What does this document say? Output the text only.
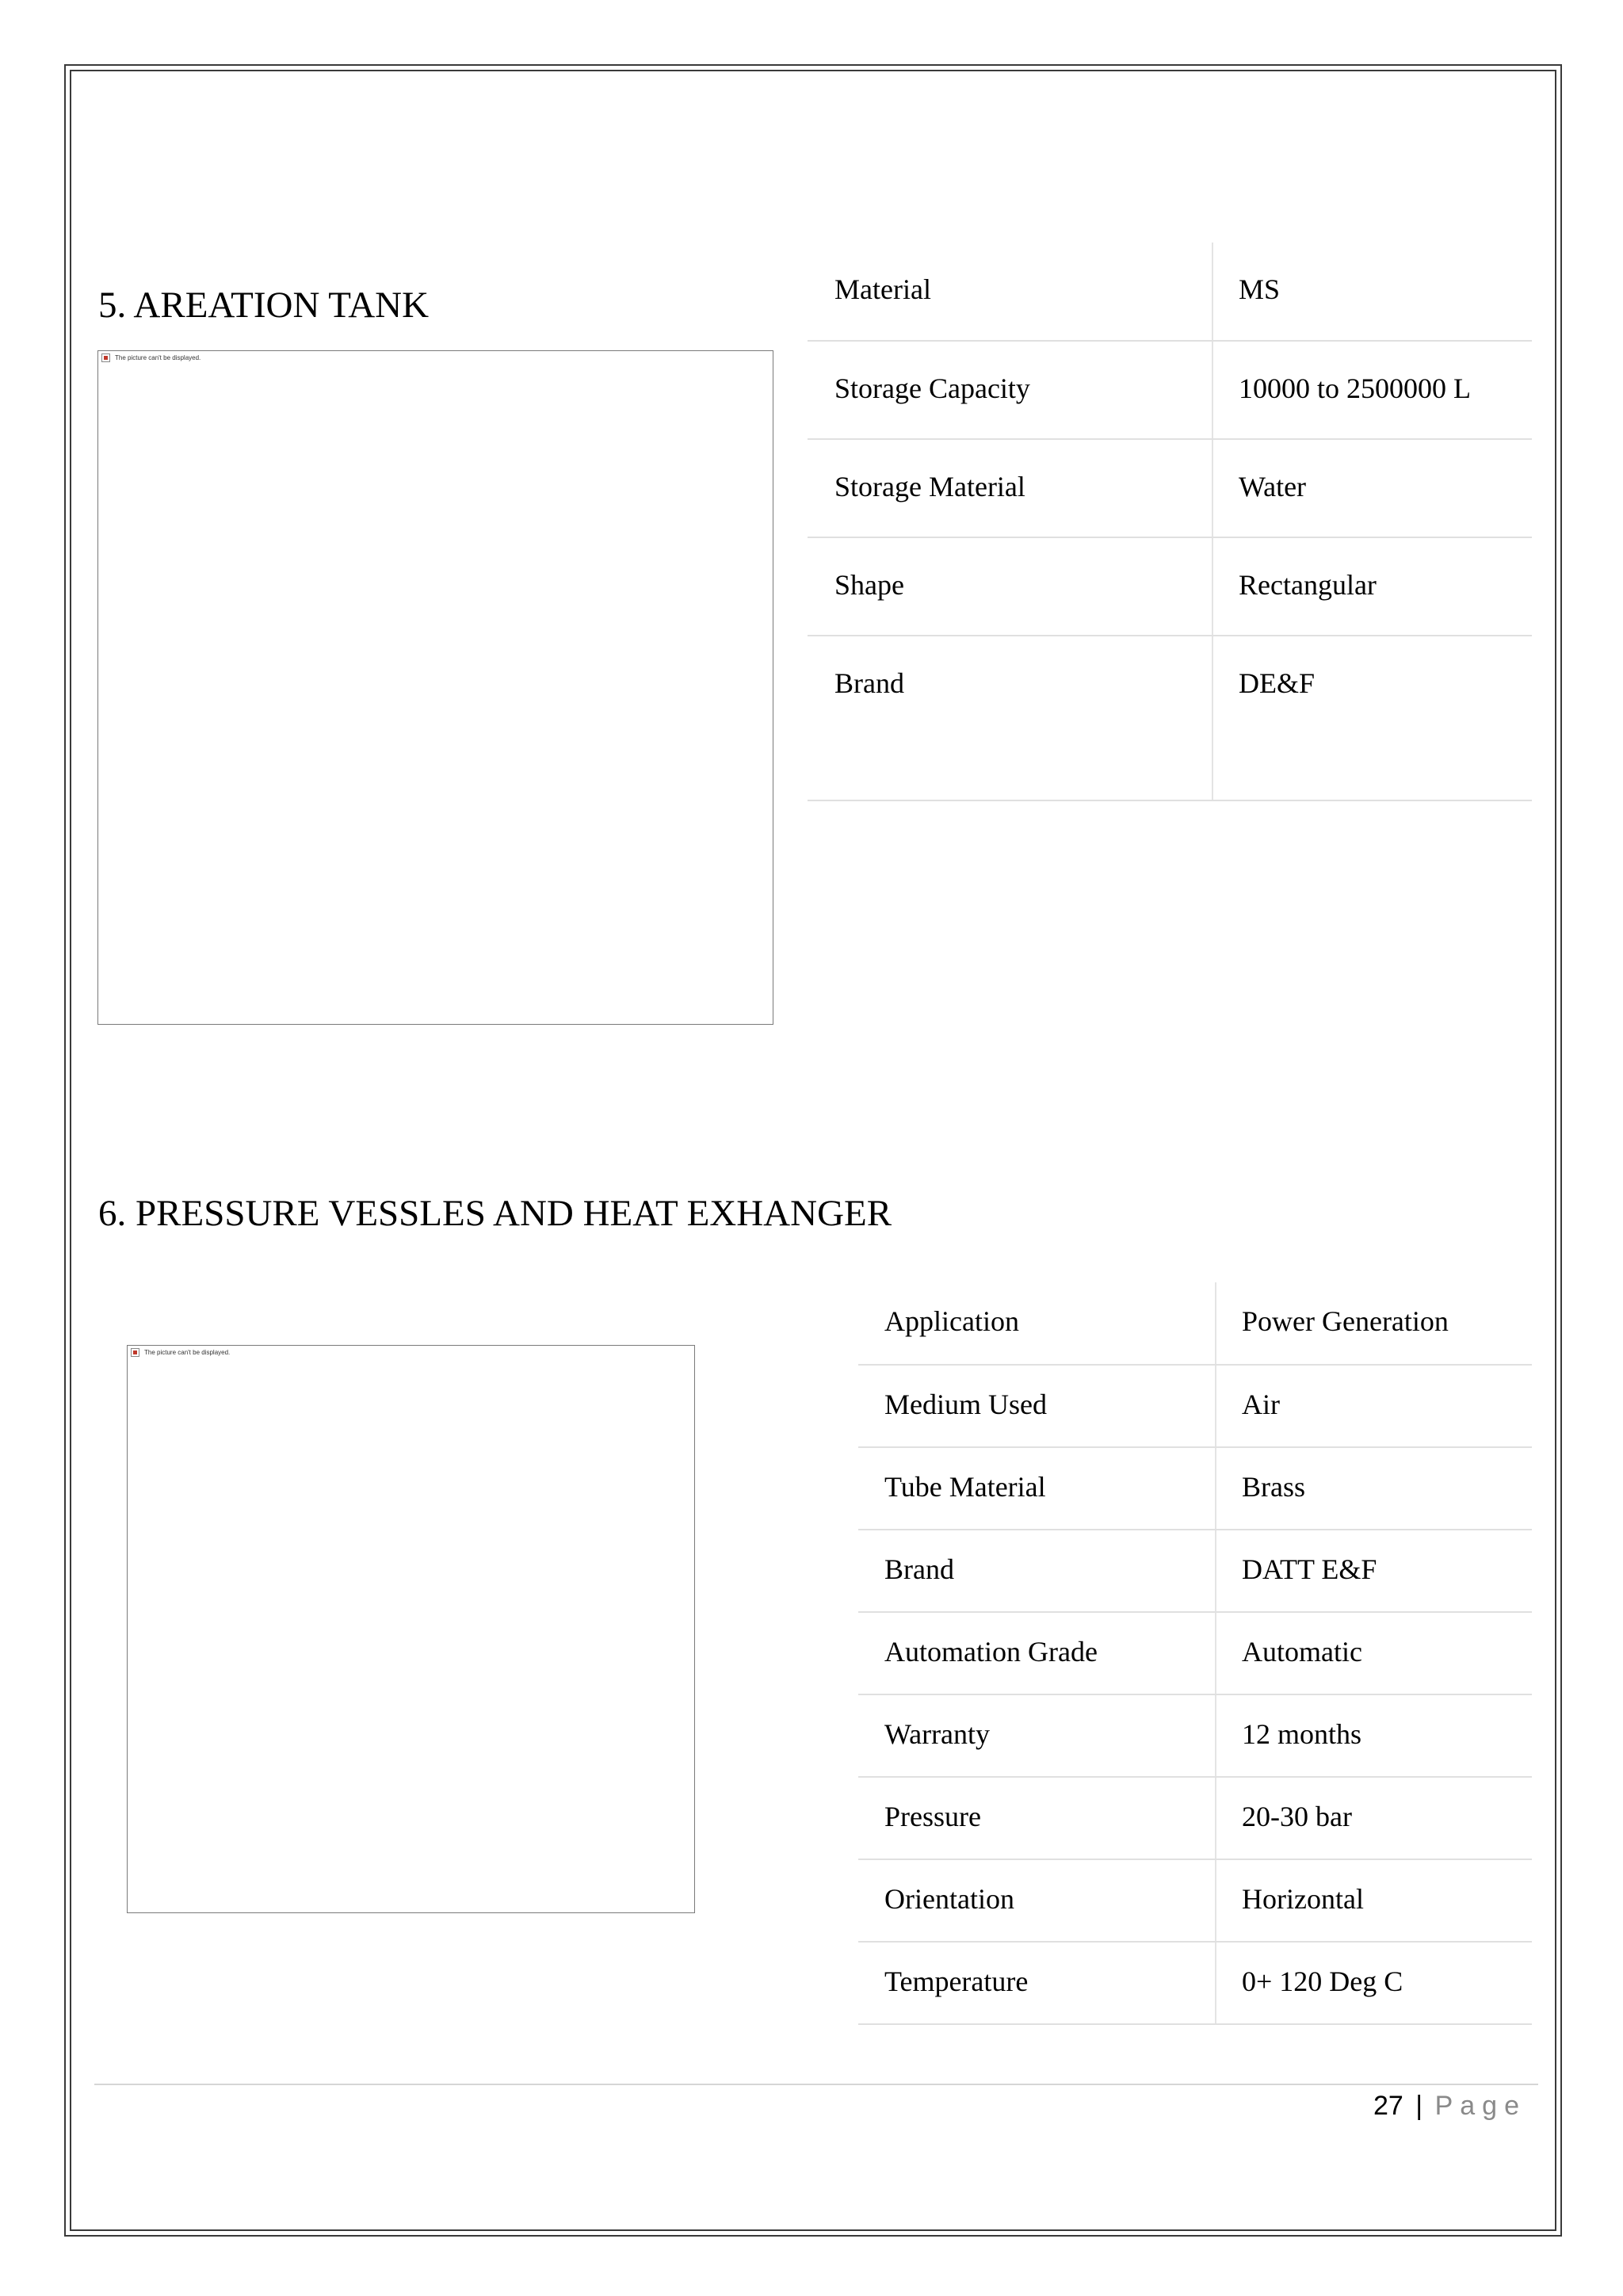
5. AREATION TANK
The picture can't be displayed.
Material	MS
Storage Capacity	10000 to 2500000 L
Storage Material	Water
Shape	Rectangular
Brand	DE&F
6. PRESSURE VESSLES AND HEAT EXHANGER
The picture can't be displayed.
Application	Power Generation
Medium Used	Air
Tube Material	Brass
Brand	DATT E&F
Automation Grade	Automatic
Warranty	12 months
Pressure	20-30 bar
Orientation	Horizontal
Temperature	0+ 120 Deg C
27 | Page
